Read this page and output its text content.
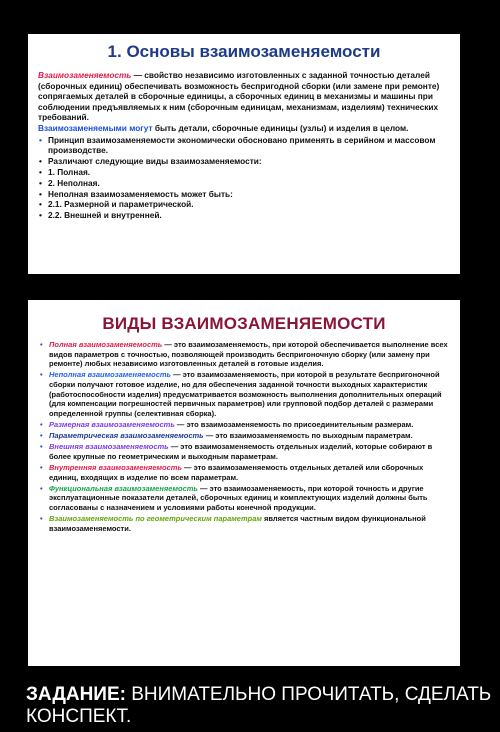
1. Основы взаимозаменяемости

Взаимозаменяемость — свойство независимо изготовленных с заданной точностью деталей (сборочных единиц) обеспечивать возможность беспригодной сборки (или замене при ремонте) сопрягаемых деталей в сборочные единицы, а сборочных единиц в механизмы и машины при соблюдении предъявляемых к ним (сборочным единицам, механизмам, изделиям) технических требований.

Взаимозаменяемыми могут быть детали, сборочные единицы (узлы) и изделия в целом.

• Принцип взаимозаменяемости экономически обосновано применять в серийном и массовом производстве.
• Различают следующие виды взаимозаменяемости:
• 1. Полная.
• 2. Неполная.
• Неполная взаимозаменяемость может быть:
• 2.1. Размерной и параметрической.
• 2.2. Внешней и внутренней.
ВИДЫ ВЗАИМОЗАМЕНЯЕМОСТИ
• Полная взаимозаменяемость — это взаимозаменяемость, при которой обеспечивается выполнение всех видов параметров с точностью, позволяющей производить беспригоночную сборку (или замену при ремонте) любых независимо изготовленных деталей в готовые изделия.
• Неполная взаимозаменяемость — это взаимозаменяемость, при которой в результате беспригоночной сборки получают готовое изделие, но для обеспечения заданной точности выходных характеристик (работоспособности изделия) предусматривается возможность выполнения дополнительных операций (для компенсации погрешностей первичных параметров) или групповой подбор деталей с размерами определенной группы (селективная сборка).
• Размерная взаимозаменяемость — это взаимозаменяемость по присоединительным размерам.
• Параметрическая взаимозаменяемость — это взаимозаменяемость по выходным параметрам.
• Внешняя взаимозаменяемость — это взаимозаменяемость отдельных изделий, которые собирают в более крупные по геометрическим и выходным параметрам.
• Внутренняя взаимозаменяемость — это взаимозаменяемость отдельных деталей или сборочных единиц, входящих в изделие по всем параметрам.
• Функциональная взаимозаменяемость — это взаимозаменяемость, при которой точность и другие эксплуатационные показатели деталей, сборочных единиц и комплектующих изделий должны быть согласованы с назначением и условиями работы конечной продукции.
• Взаимозаменяемость по геометрическим параметрам является частным видом функциональной взаимозаменяемости.
ЗАДАНИЕ: ВНИМАТЕЛЬНО ПРОЧИТАТЬ, СДЕЛАТЬ КОНСПЕКТ.
